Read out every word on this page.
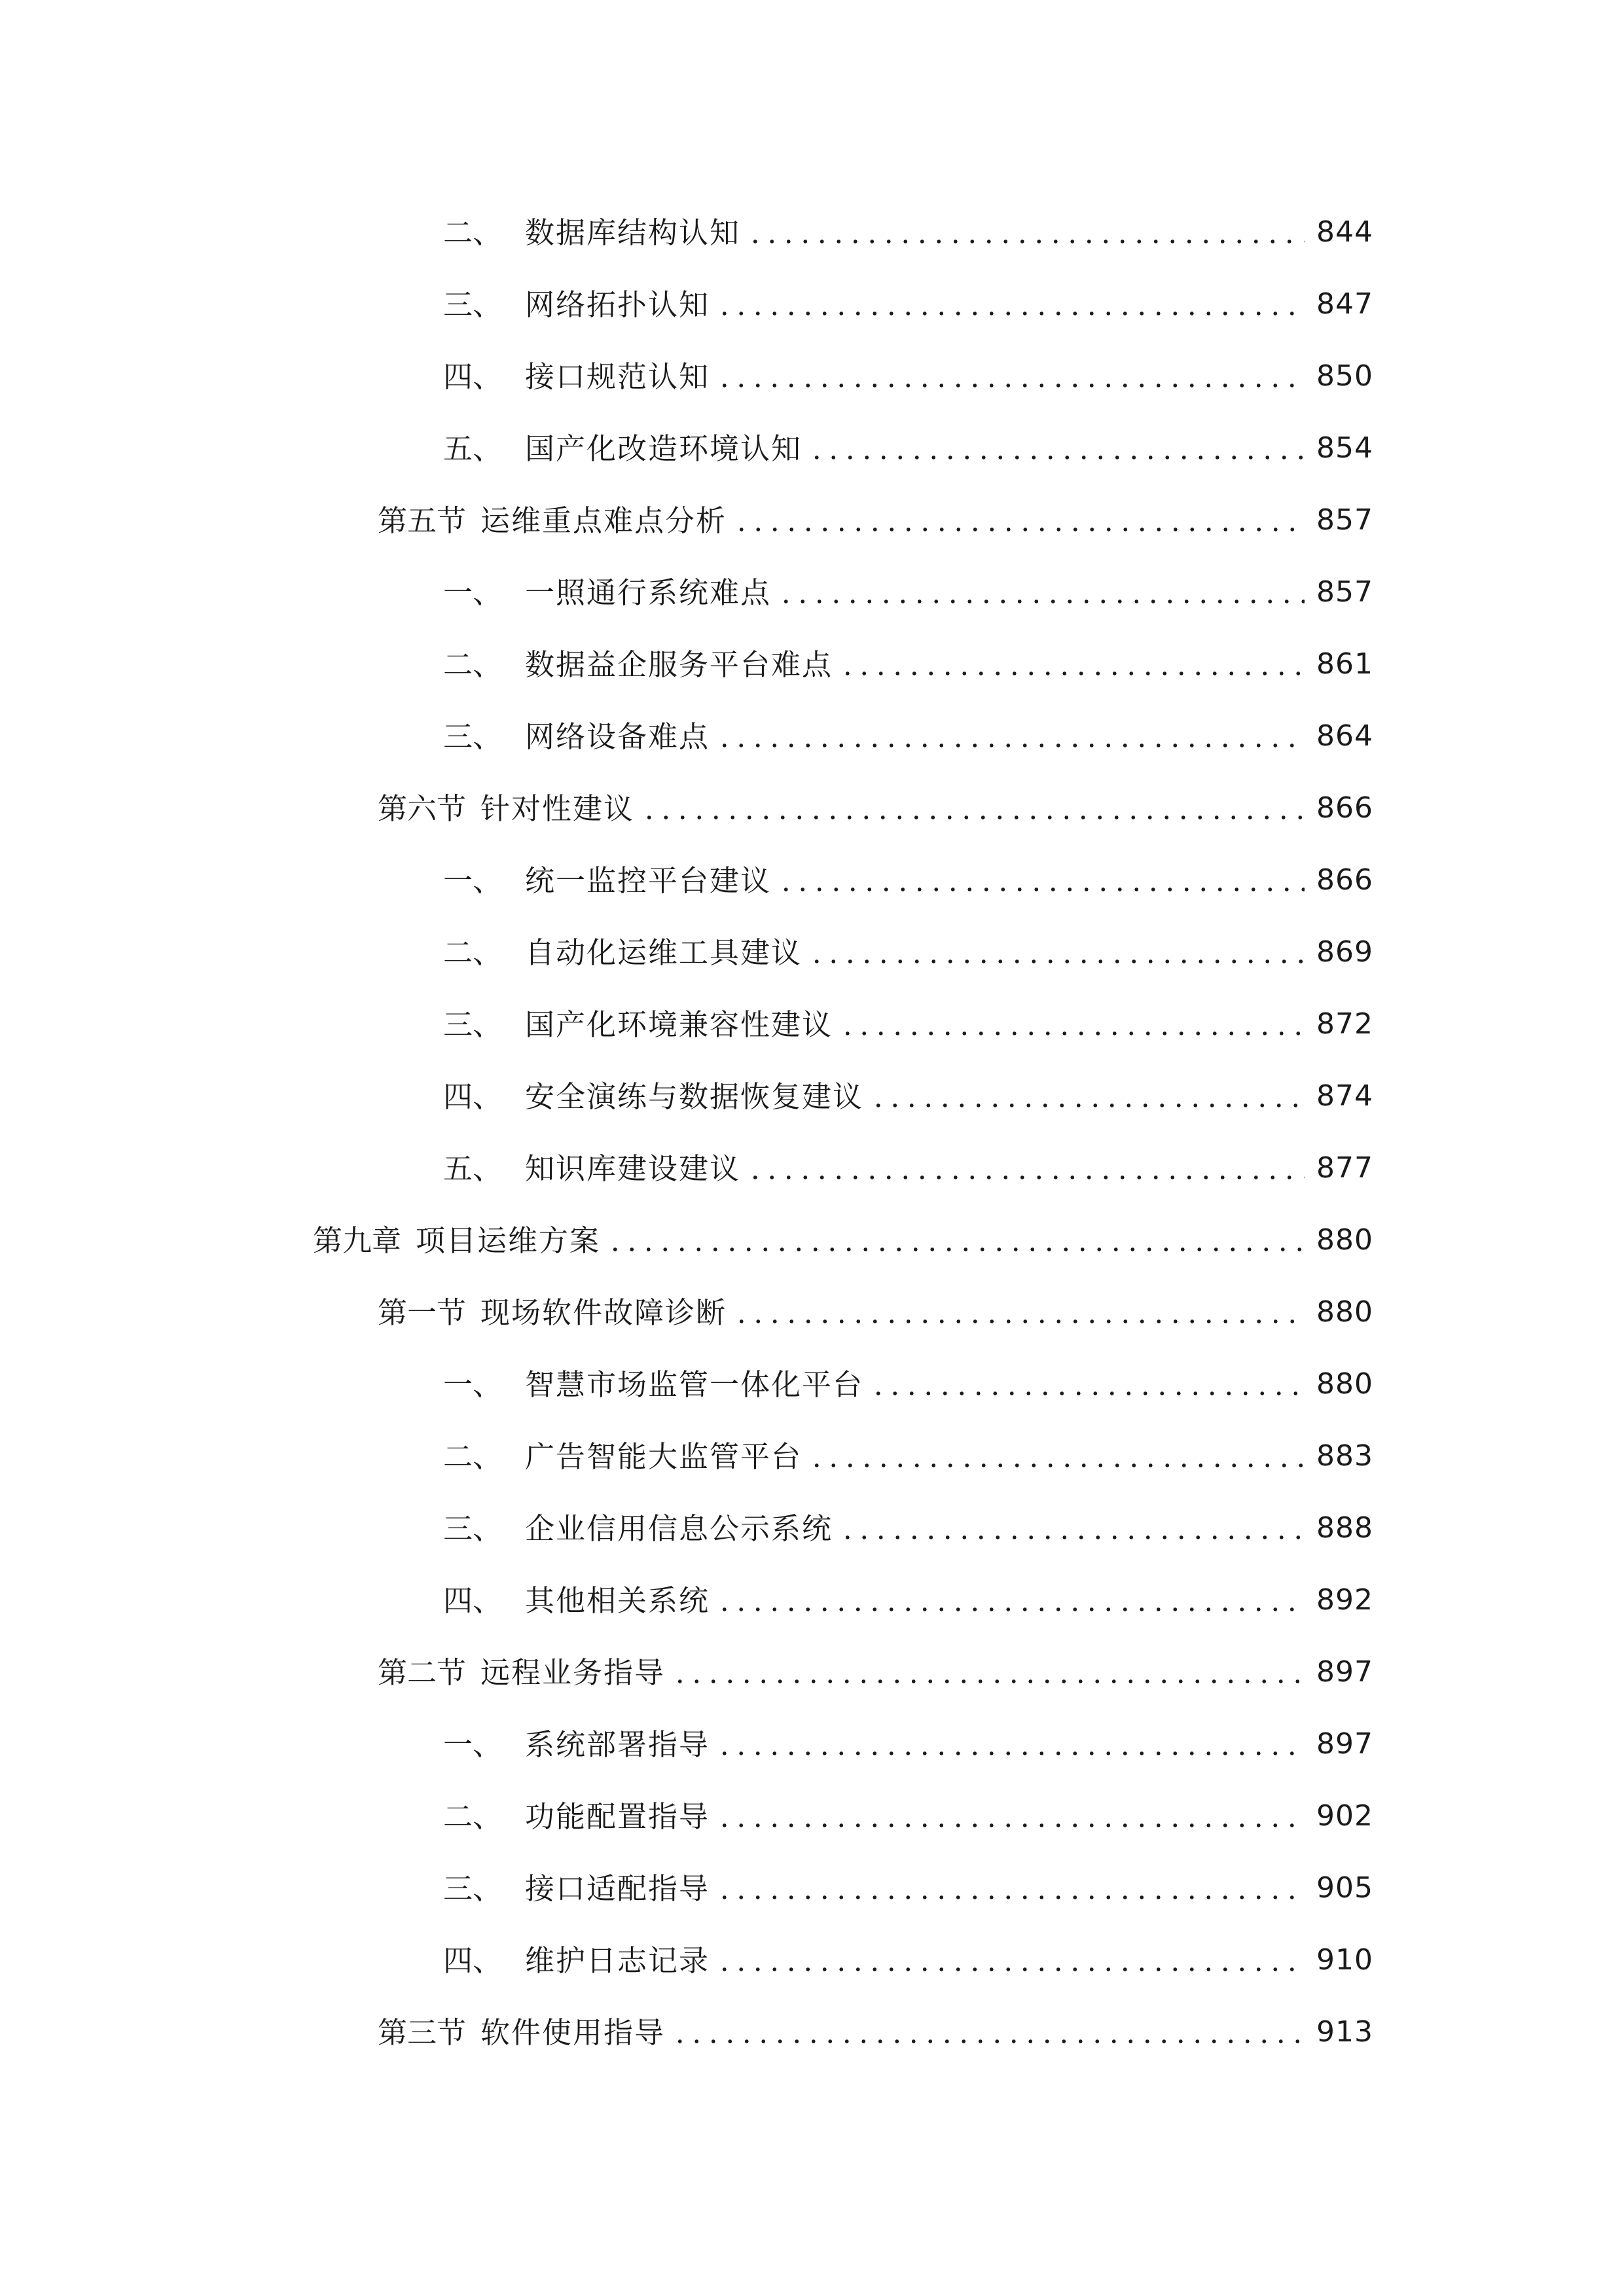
二、 数据库结构认知	844
三、 网络拓扑认知	847
四、 接口规范认知	850
五、 国产化改造环境认知	854
第五节 运维重点难点分析	857
一、 一照通行系统难点	857
二、 数据益企服务平台难点	861
三、 网络设备难点	864
第六节 针对性建议	866
一、 统一监控平台建议	866
二、 自动化运维工具建议	869
三、 国产化环境兼容性建议	872
四、 安全演练与数据恢复建议	874
五、 知识库建设建议	877
第九章 项目运维方案	880
第一节 现场软件故障诊断	880
一、 智慧市场监管一体化平台	880
二、 广告智能大监管平台	883
三、 企业信用信息公示系统	888
四、 其他相关系统	892
第二节 远程业务指导	897
一、 系统部署指导	897
二、 功能配置指导	902
三、 接口适配指导	905
四、 维护日志记录	910
第三节 软件使用指导	913
